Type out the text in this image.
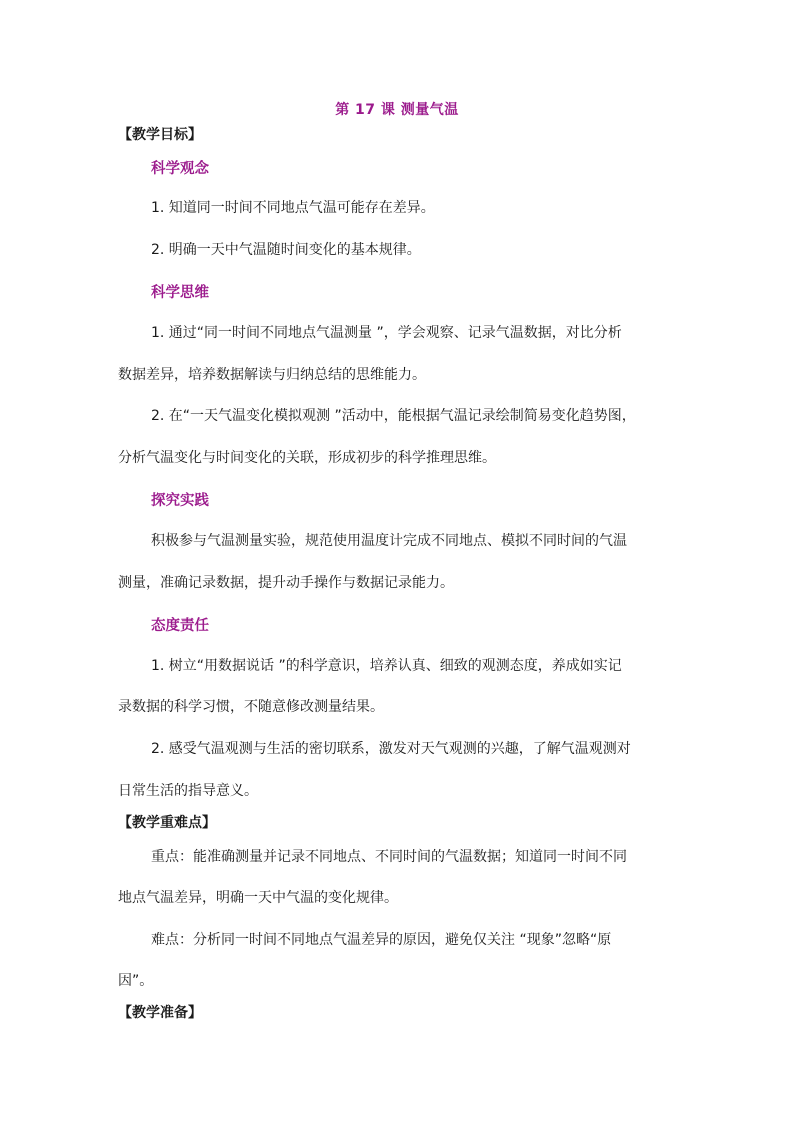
第 17 课 测量气温
【教学目标】
科学观念
1. 知道同一时间不同地点气温可能存在差异。
2. 明确一天中气温随时间变化的基本规律。
科学思维
1. 通过“同一时间不同地点气温测量 ”，学会观察、记录气温数据，对比分析
数据差异，培养数据解读与归纳总结的思维能力。
2. 在“一天气温变化模拟观测 ”活动中，能根据气温记录绘制简易变化趋势图，
分析气温变化与时间变化的关联，形成初步的科学推理思维。
探究实践
积极参与气温测量实验，规范使用温度计完成不同地点、模拟不同时间的气温
测量，准确记录数据，提升动手操作与数据记录能力。
态度责任
1. 树立“用数据说话 ”的科学意识，培养认真、细致的观测态度，养成如实记
录数据的科学习惯，不随意修改测量结果。
2. 感受气温观测与生活的密切联系，激发对天气观测的兴趣，了解气温观测对
日常生活的指导意义。
【教学重难点】
重点：能准确测量并记录不同地点、不同时间的气温数据；知道同一时间不同
地点气温差异，明确一天中气温的变化规律。
难点：分析同一时间不同地点气温差异的原因，避免仅关注 “现象”忽略“原
因”。
【教学准备】
